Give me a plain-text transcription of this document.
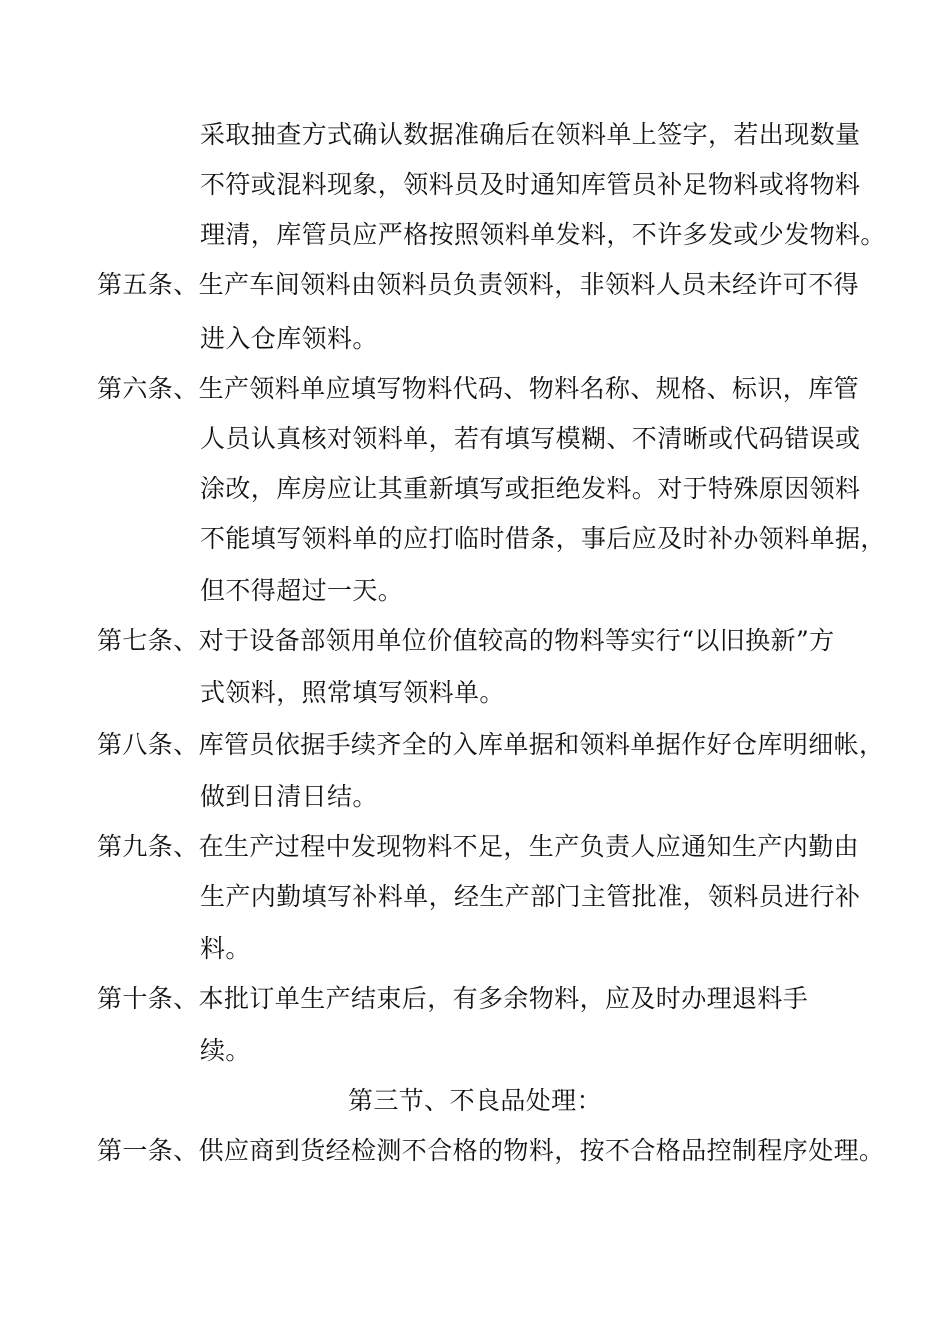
采取抽查方式确认数据准确后在领料单上签字，若出现数量
不符或混料现象，领料员及时通知库管员补足物料或将物料
理清，库管员应严格按照领料单发料，不许多发或少发物料。
第五条、生产车间领料由领料员负责领料，非领料人员未经许可不得
进入仓库领料。
第六条、生产领料单应填写物料代码、物料名称、规格、标识，库管
人员认真核对领料单，若有填写模糊、不清晰或代码错误或
涂改，库房应让其重新填写或拒绝发料。对于特殊原因领料
不能填写领料单的应打临时借条，事后应及时补办领料单据，
但不得超过一天。
第七条、对于设备部领用单位价值较高的物料等实行“以旧换新”方
式领料，照常填写领料单。
第八条、库管员依据手续齐全的入库单据和领料单据作好仓库明细帐，
做到日清日结。
第九条、在生产过程中发现物料不足，生产负责人应通知生产内勤由
生产内勤填写补料单，经生产部门主管批准，领料员进行补
料。
第十条、本批订单生产结束后，有多余物料，应及时办理退料手
续。
第三节、不良品处理：
第一条、供应商到货经检测不合格的物料，按不合格品控制程序处理。
